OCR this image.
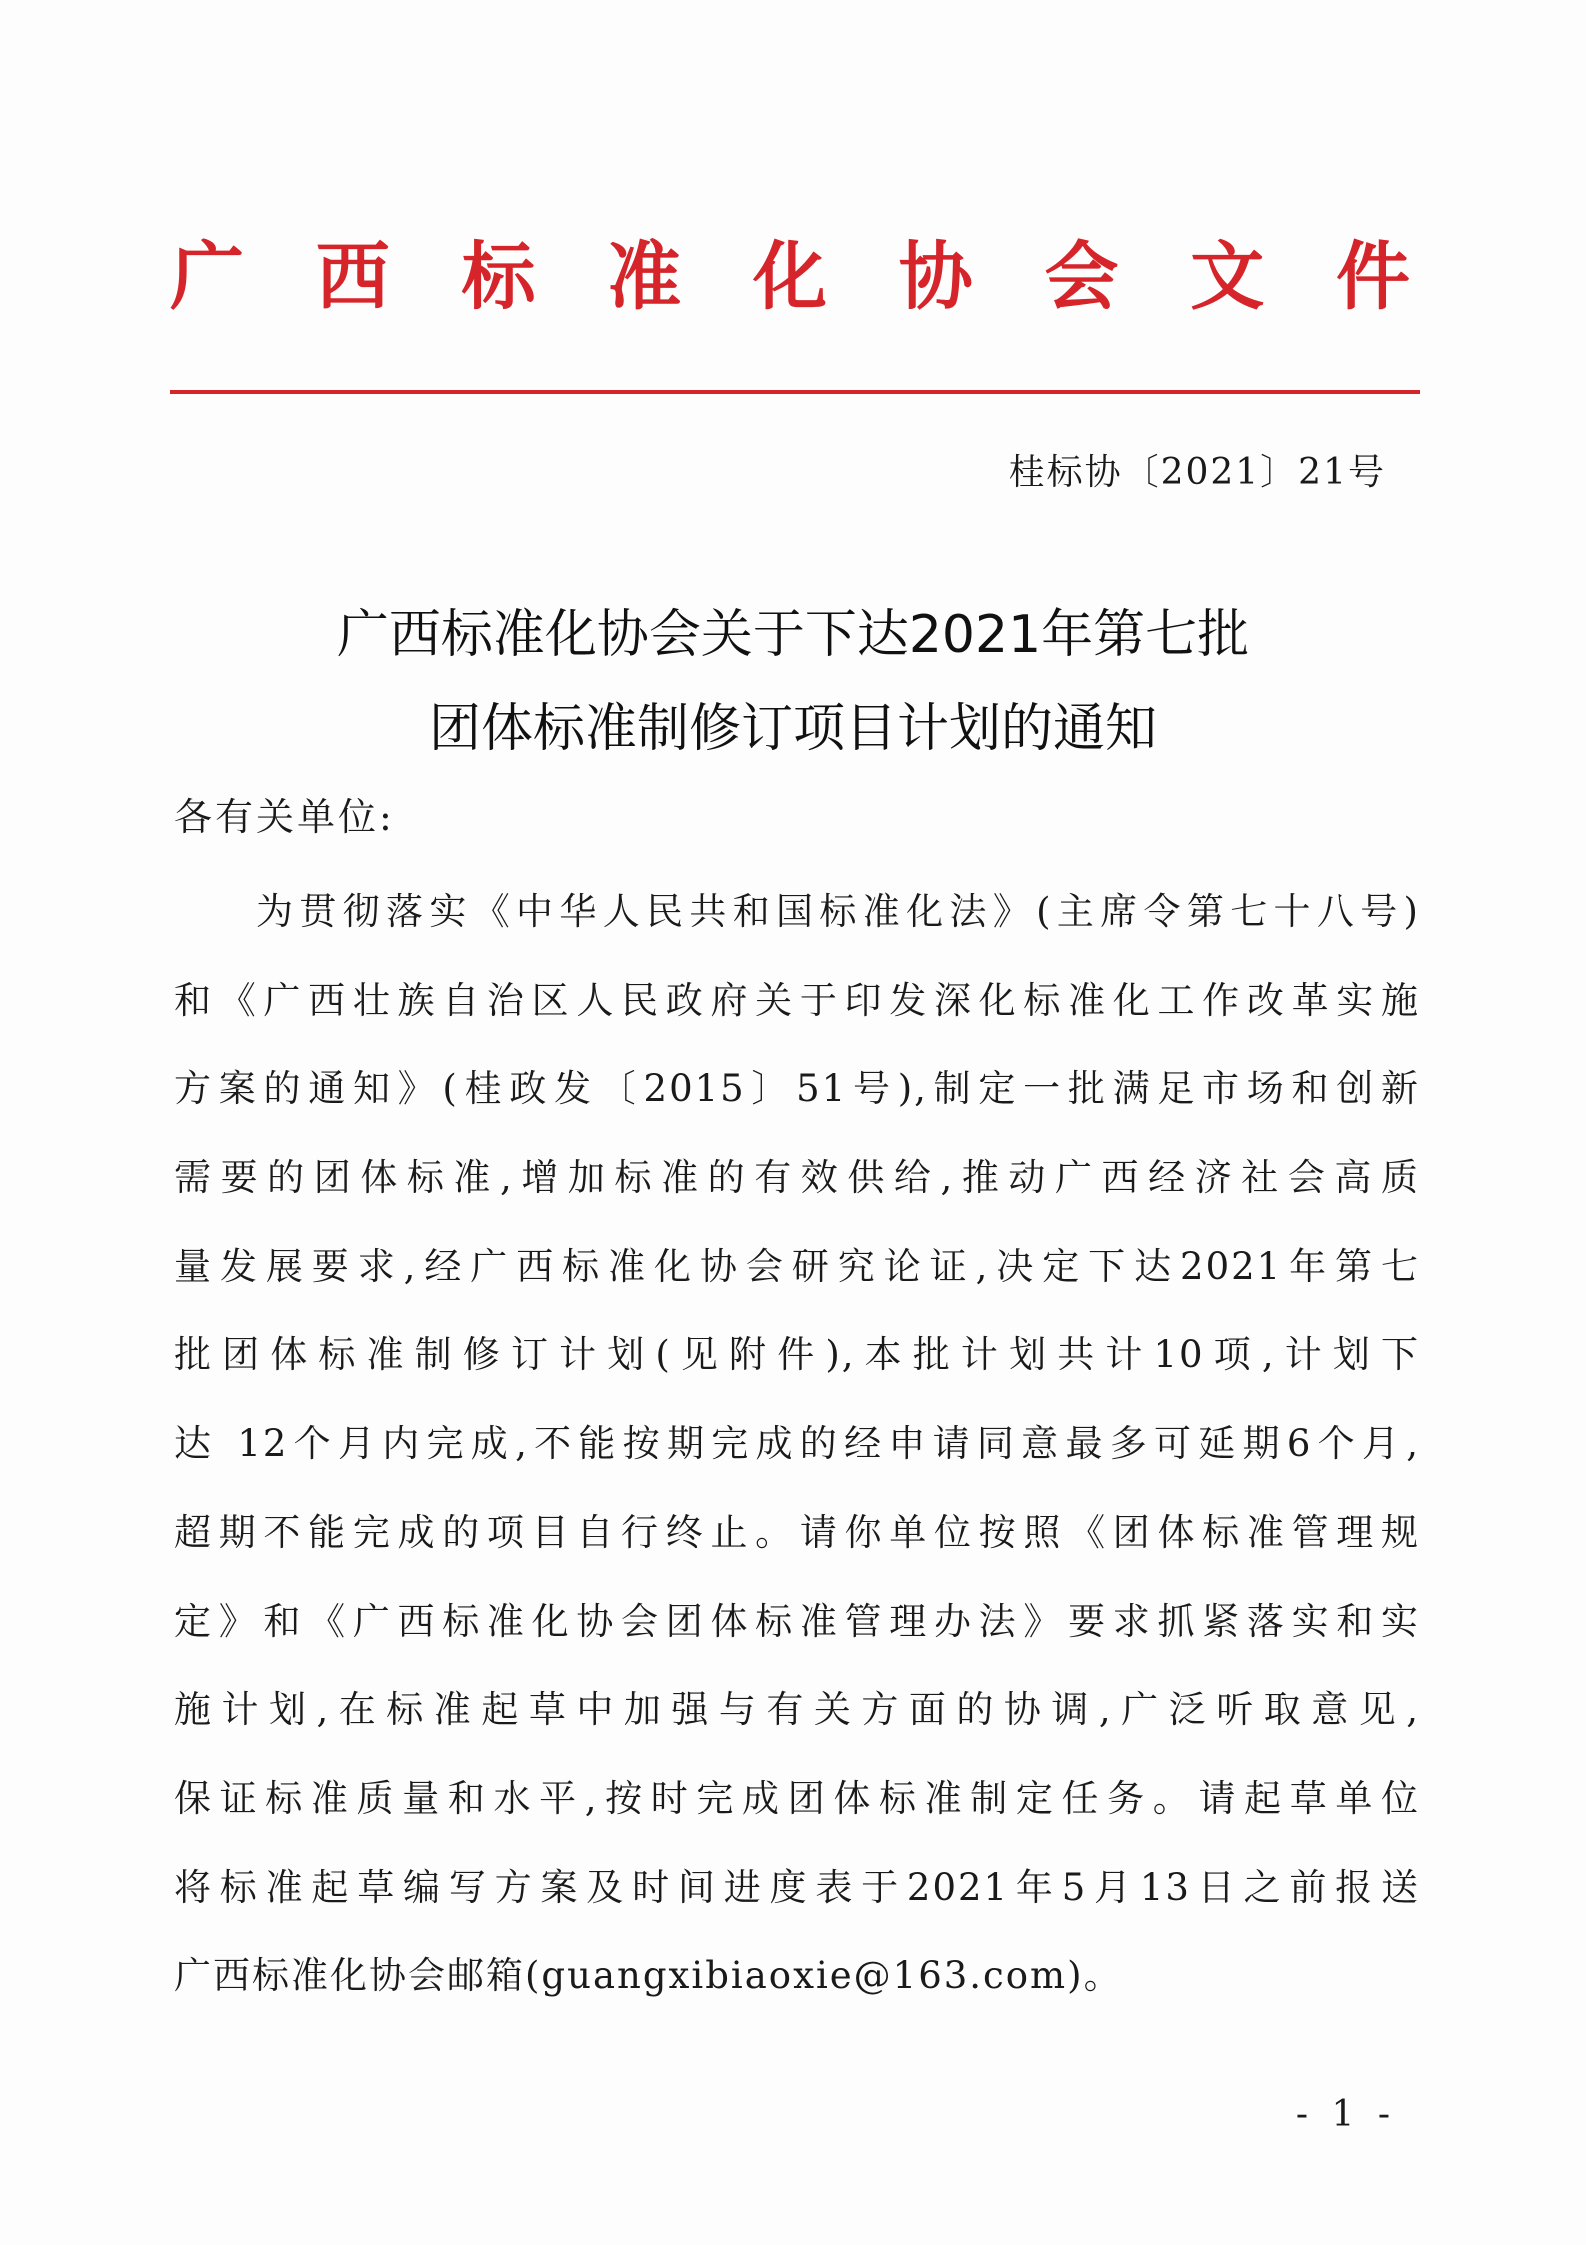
广 西 标 准 化 协 会 文 件
桂标协〔2021〕21号
广西标准化协会关于下达2021年第七批
团体标准制修订项目计划的通知
各有关单位:
为贯彻落实《中华人民共和国标准化法》(主席令第七十八号)
和《广西壮族自治区人民政府关于印发深化标准化工作改革实施
方案的通知》(桂政发〔2015〕51号),制定一批满足市场和创新
需要的团体标准,增加标准的有效供给,推动广西经济社会高质
量发展要求,经广西标准化协会研究论证,决定下达2021年第七
批团体标准制修订计划(见附件),本批计划共计10项,计划下
达 12个月内完成,不能按期完成的经申请同意最多可延期6个月,
超期不能完成的项目自行终止。请你单位按照《团体标准管理规
定》和《广西标准化协会团体标准管理办法》要求抓紧落实和实
施计划,在标准起草中加强与有关方面的协调,广泛听取意见,
保证标准质量和水平,按时完成团体标准制定任务。请起草单位
将标准起草编写方案及时间进度表于2021年5月13日之前报送
广西标准化协会邮箱(guangxibiaoxie@163.com)。
- 1 -
